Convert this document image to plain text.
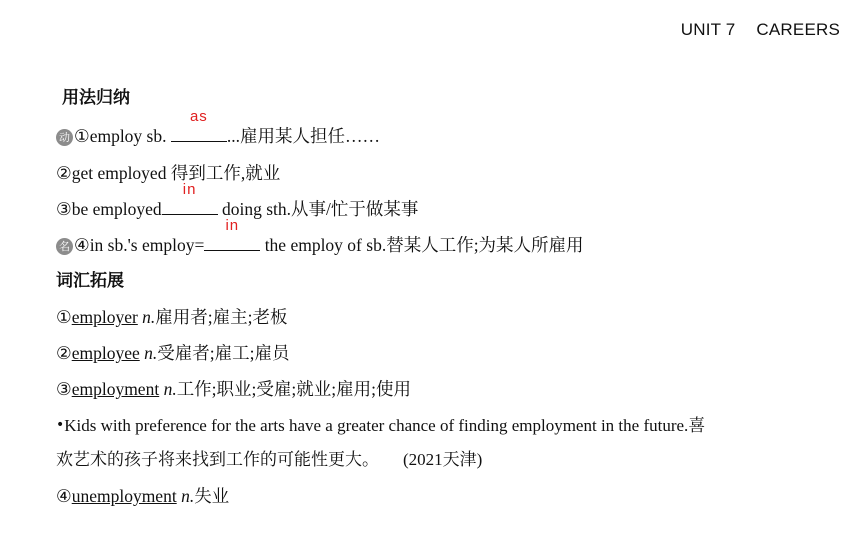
UNIT 7 CAREERS
用法归纳
动 ①employ sb.
as
...雇用某人担任……
②get employed 得到工作,就业
③be employed
in
doing sth.从事/忙于做某事
名 ④in sb.'s employ=
in
the employ of sb.替某人工作;为某人所雇用
词汇拓展
①employer n.雇用者;雇主;老板
②employee n.受雇者;雇工;雇员
③employment n.工作;职业;受雇;就业;雇用;使用
•Kids with preference for the arts have a greater chance of finding employment in the future.喜
欢艺术的孩子将来找到工作的可能性更大。 (2021天津)
④unemployment n.失业
